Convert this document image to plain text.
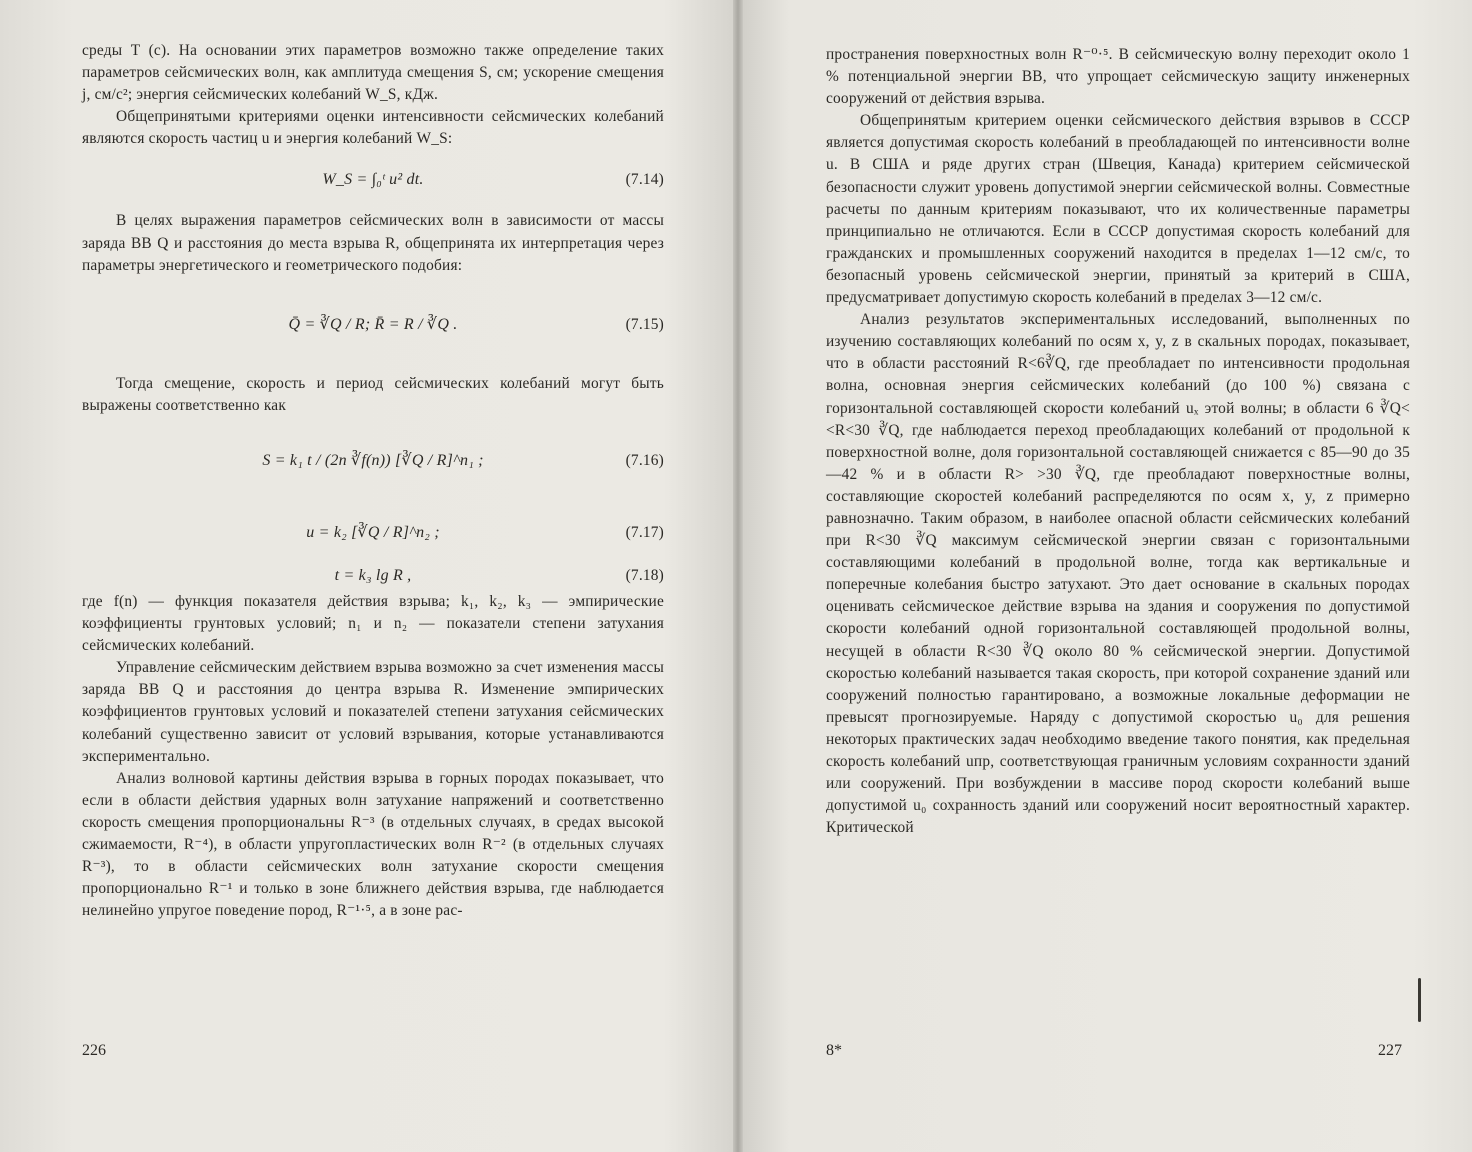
среды T (c). На основании этих параметров возможно также определение таких параметров сейсмических волн, как амплитуда смещения S, см; ускорение смещения j, см/с²; энергия сейсмических колебаний W_S, кДж.

Общепринятыми критериями оценки интенсивности сейсмических колебаний являются скорость частиц u и энергия колебаний W_S:

W_S = ∫₀ᵗ u² dt.	(7.14)

В целях выражения параметров сейсмических волн в зависимости от массы заряда ВВ Q и расстояния до места взрыва R, общепринята их интерпретация через параметры энергетического и геометрического подобия:

Q̄ = ∛Q / R; R̄ = R / ∛Q .	(7.15)

Тогда смещение, скорость и период сейсмических колебаний могут быть выражены соответственно как

S = k₁ t / (2n ∛f(n)) [∛Q / R]^n₁ ;	(7.16)
u = k₂ [∛Q / R]^n₂ ;	(7.17)
t = k₃ lg R ,	(7.18)

где f(n) — функция показателя действия взрыва; k₁, k₂, k₃ — эмпирические коэффициенты грунтовых условий; n₁ и n₂ — показатели степени затухания сейсмических колебаний.

Управление сейсмическим действием взрыва возможно за счет изменения массы заряда ВВ Q и расстояния до центра взрыва R. Изменение эмпирических коэффициентов грунтовых условий и показателей степени затухания сейсмических колебаний существенно зависит от условий взрывания, которые устанавливаются экспериментально.

Анализ волновой картины действия взрыва в горных породах показывает, что если в области действия ударных волн затухание напряжений и соответственно скорость смещения пропорциональны R⁻³ (в отдельных случаях, в средах высокой сжимаемости, R⁻⁴), в области упругопластических волн R⁻² (в отдельных случаях R⁻³), то в области сейсмических волн затухание скорости смещения пропорционально R⁻¹ и только в зоне ближнего действия взрыва, где наблюдается нелинейно упругое поведение пород, R⁻¹·⁵, а в зоне рас-

226

пространения поверхностных волн R⁻⁰·⁵. В сейсмическую волну переходит около 1 % потенциальной энергии ВВ, что упрощает сейсмическую защиту инженерных сооружений от действия взрыва.

Общепринятым критерием оценки сейсмического действия взрывов в СССР является допустимая скорость колебаний в преобладающей по интенсивности волне u. В США и ряде других стран (Швеция, Канада) критерием сейсмической безопасности служит уровень допустимой энергии сейсмической волны. Совместные расчеты по данным критериям показывают, что их количественные параметры принципиально не отличаются. Если в СССР допустимая скорость колебаний для гражданских и промышленных сооружений находится в пределах 1—12 см/с, то безопасный уровень сейсмической энергии, принятый за критерий в США, предусматривает допустимую скорость колебаний в пределах 3—12 см/с.

Анализ результатов экспериментальных исследований, выполненных по изучению составляющих колебаний по осям x, y, z в скальных породах, показывает, что в области расстояний R<6∛Q, где преобладает по интенсивности продольная волна, основная энергия сейсмических колебаний (до 100 %) связана с горизонтальной составляющей скорости колебаний uₓ этой волны; в области 6 ∛Q< <R<30 ∛Q, где наблюдается переход преобладающих колебаний от продольной к поверхностной волне, доля горизонтальной составляющей снижается с 85—90 до 35—42 % и в области R> >30 ∛Q, где преобладают поверхностные волны, составляющие скоростей колебаний распределяются по осям x, y, z примерно равнозначно. Таким образом, в наиболее опасной области сейсмических колебаний при R<30 ∛Q максимум сейсмической энергии связан с горизонтальными составляющими колебаний в продольной волне, тогда как вертикальные и поперечные колебания быстро затухают. Это дает основание в скальных породах оценивать сейсмическое действие взрыва на здания и сооружения по допустимой скорости колебаний одной горизонтальной составляющей продольной волны, несущей в области R<30 ∛Q около 80 % сейсмической энергии. Допустимой скоростью колебаний называется такая скорость, при которой сохранение зданий или сооружений полностью гарантировано, а возможные локальные деформации не превысят прогнозируемые. Наряду с допустимой скоростью u₀ для решения некоторых практических задач необходимо введение такого понятия, как предельная скорость колебаний uпр, соответствующая граничным условиям сохранности зданий или сооружений. При возбуждении в массиве пород скорости колебаний выше допустимой u₀ сохранность зданий или сооружений носит вероятностный характер. Критической

8*	227
